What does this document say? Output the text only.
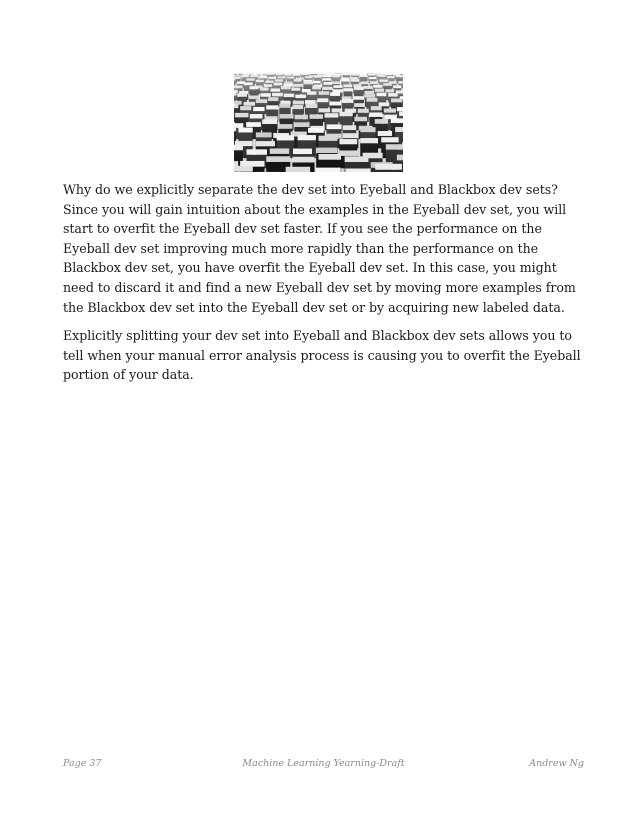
Why do we explicitly separate the dev set into Eyeball and Blackbox dev sets? Since you will gain intuition about the examples in the Eyeball dev set, you will start to overfit the Eyeball dev set faster. If you see the performance on the Eyeball dev set improving much more rapidly than the performance on the Blackbox dev set, you have overfit the Eyeball dev set. In this case, you might need to discard it and find a new Eyeball dev set by moving more examples from the Blackbox dev set into the Eyeball dev set or by acquiring new labeled data.

Explicitly splitting your dev set into Eyeball and Blackbox dev sets allows you to tell when your manual error analysis process is causing you to overfit the Eyeball portion of your data.

Page 37	Machine Learning Yearning-Draft	Andrew Ng
